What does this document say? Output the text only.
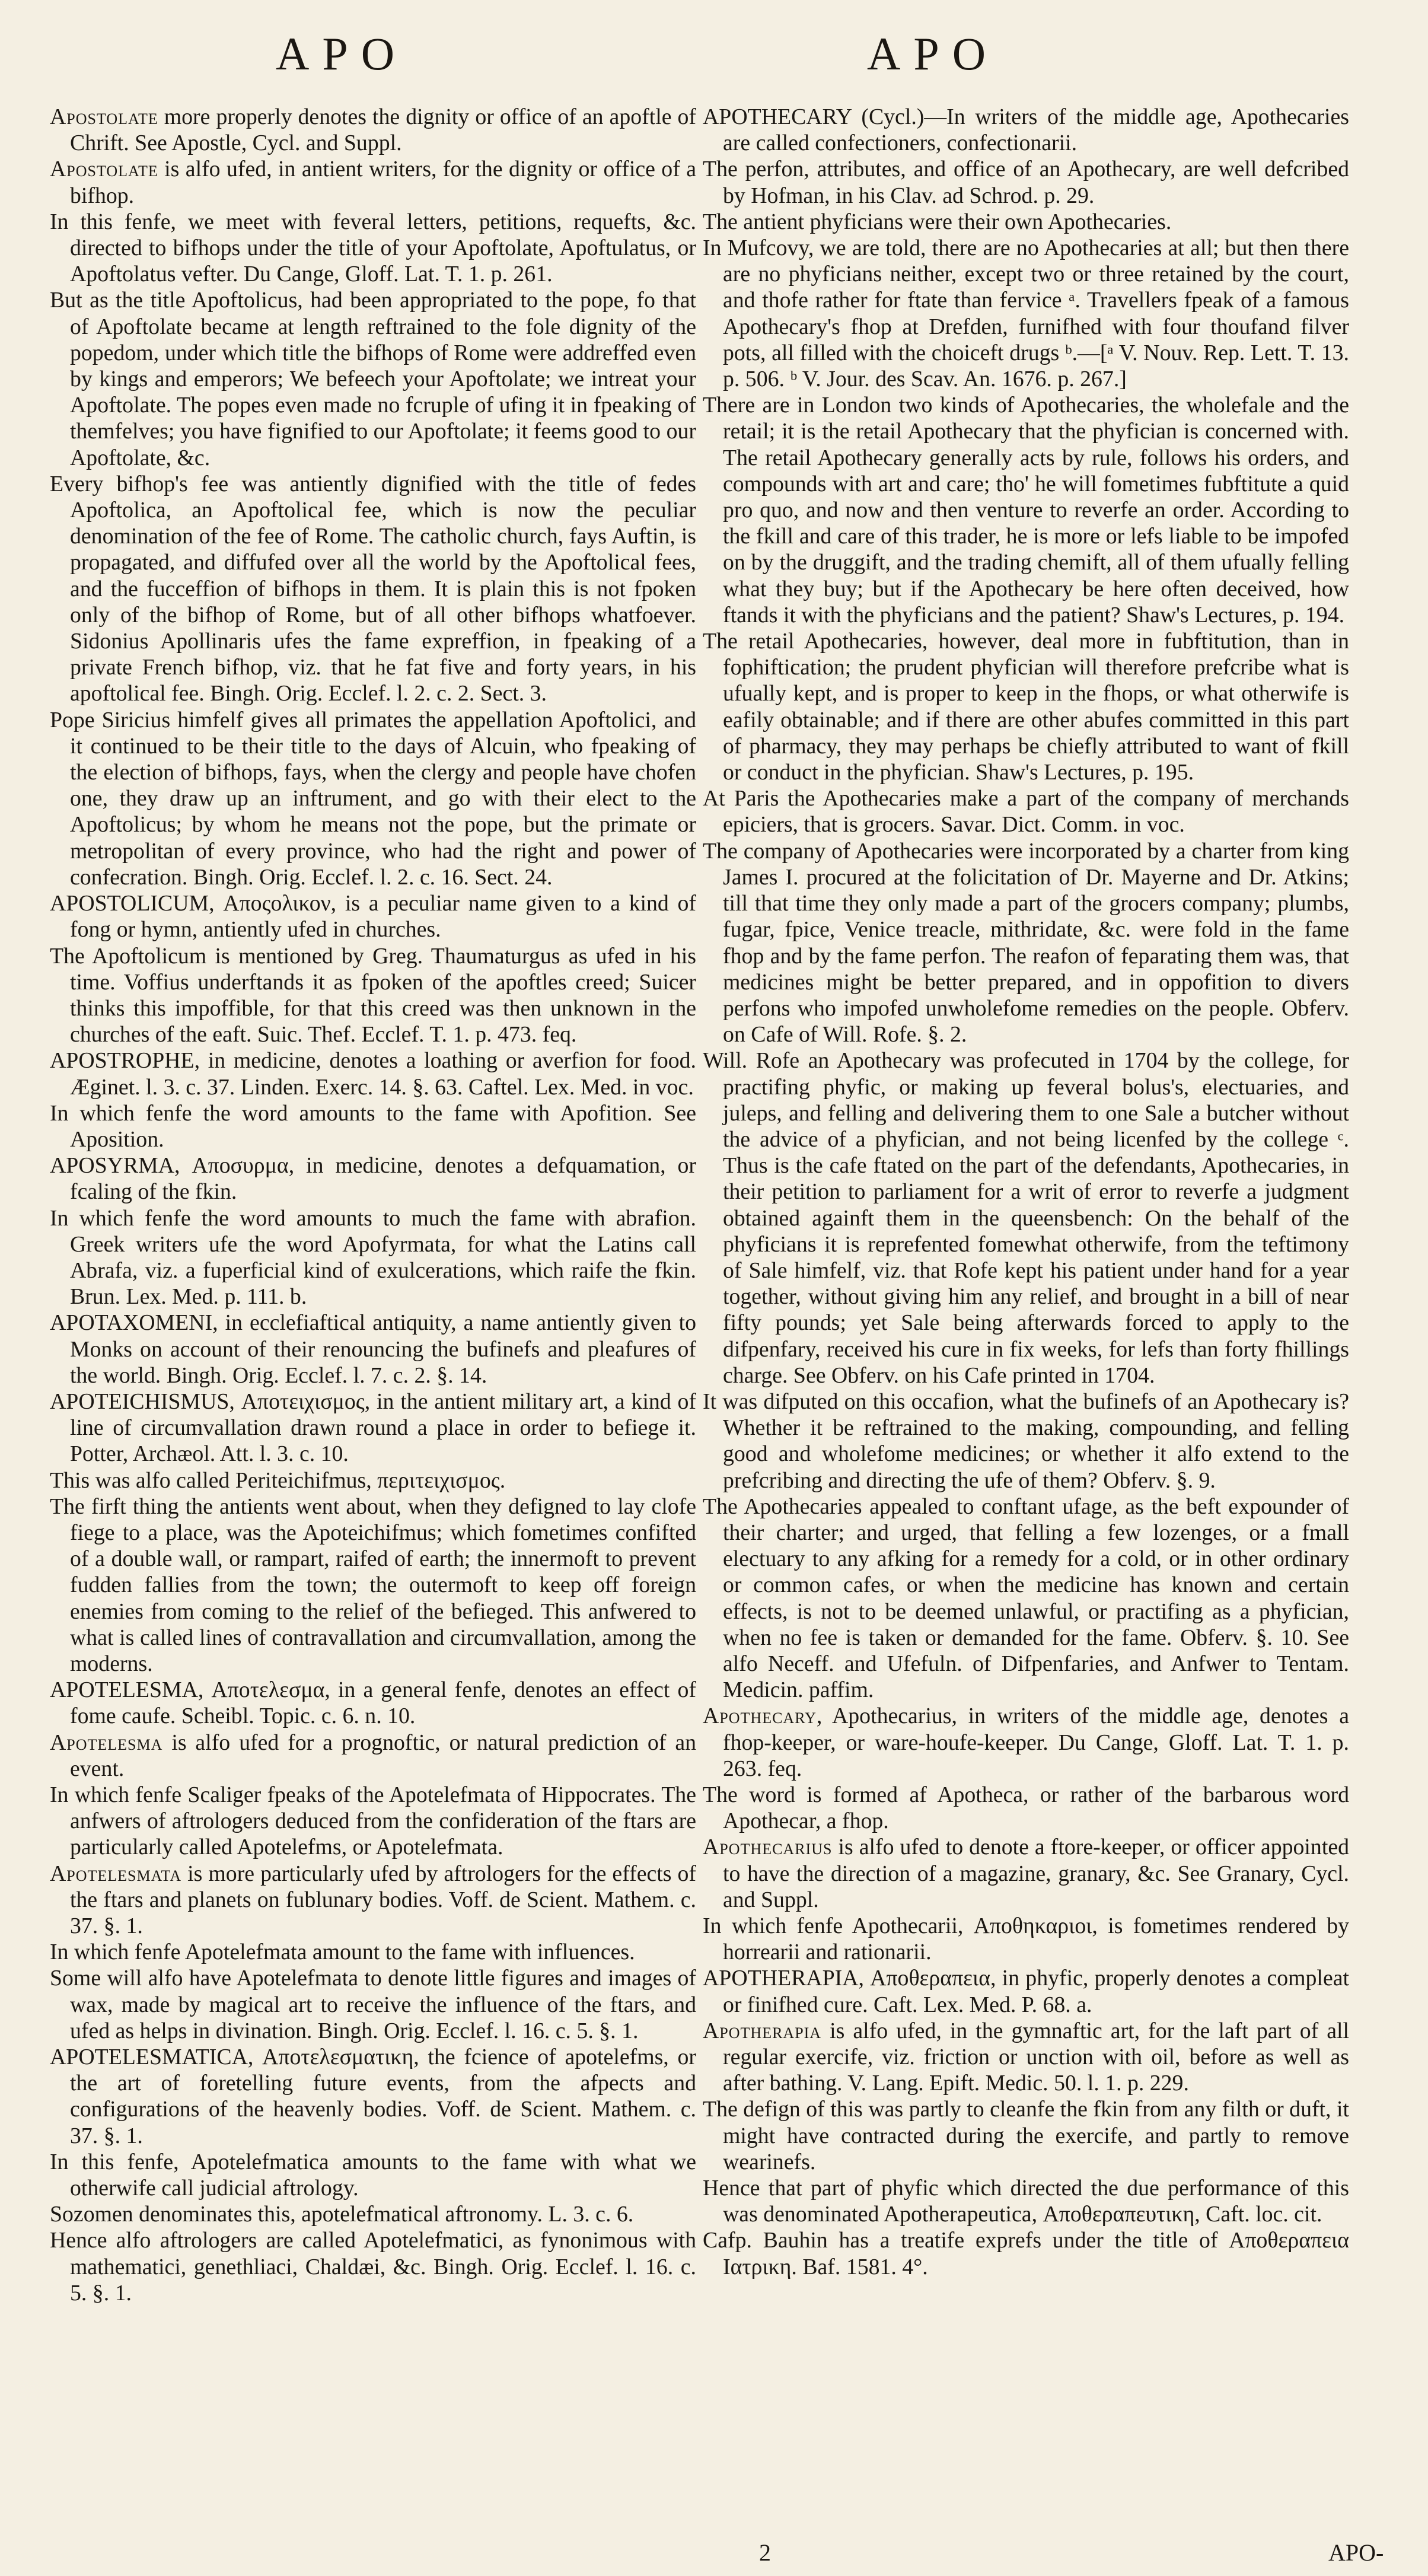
APO	APO

Apostolate more properly denotes the dignity or office of an apoftle of Chrift. See Apostle, Cycl. and Suppl.

Apostolate is alfo ufed, in antient writers, for the dignity or office of a bifhop.

In this fenfe, we meet with feveral letters, petitions, requefts, &c. directed to bifhops under the title of your Apoftolate, Apoftulatus, or Apoftolatus vefter. Du Cange, Gloff. Lat. T. 1. p. 261.

But as the title Apoftolicus, had been appropriated to the pope, fo that of Apoftolate became at length reftrained to the fole dignity of the popedom, under which title the bifhops of Rome were addreffed even by kings and emperors; We befeech your Apoftolate; we intreat your Apoftolate. The popes even made no fcruple of ufing it in fpeaking of themfelves; you have fignified to our Apoftolate; it feems good to our Apoftolate, &c.

Every bifhop's fee was antiently dignified with the title of fedes Apoftolica, an Apoftolical fee, which is now the peculiar denomination of the fee of Rome. The catholic church, fays Auftin, is propagated, and diffufed over all the world by the Apoftolical fees, and the fucceffion of bifhops in them. It is plain this is not fpoken only of the bifhop of Rome, but of all other bifhops whatfoever. Sidonius Apollinaris ufes the fame expreffion, in fpeaking of a private French bifhop, viz. that he fat five and forty years, in his apoftolical fee. Bingh. Orig. Ecclef. l. 2. c. 2. Sect. 3.

Pope Siricius himfelf gives all primates the appellation Apoftolici, and it continued to be their title to the days of Alcuin, who fpeaking of the election of bifhops, fays, when the clergy and people have chofen one, they draw up an inftrument, and go with their elect to the Apoftolicus; by whom he means not the pope, but the primate or metropolitan of every province, who had the right and power of confecration. Bingh. Orig. Ecclef. l. 2. c. 16. Sect. 24.

APOSTOLICUM, Αποςολικον, is a peculiar name given to a kind of fong or hymn, antiently ufed in churches.

The Apoftolicum is mentioned by Greg. Thaumaturgus as ufed in his time. Voffius underftands it as fpoken of the apoftles creed; Suicer thinks this impoffible, for that this creed was then unknown in the churches of the eaft. Suic. Thef. Ecclef. T. 1. p. 473. feq.

APOSTROPHE, in medicine, denotes a loathing or averfion for food. Æginet. l. 3. c. 37. Linden. Exerc. 14. §. 63. Caftel. Lex. Med. in voc.

In which fenfe the word amounts to the fame with Apofition. See Aposition.

APOSYRMA, Αποσυρμα, in medicine, denotes a defquamation, or fcaling of the fkin.

In which fenfe the word amounts to much the fame with abrafion. Greek writers ufe the word Apofyrmata, for what the Latins call Abrafa, viz. a fuperficial kind of exulcerations, which raife the fkin. Brun. Lex. Med. p. 111. b.

APOTAXOMENI, in ecclefiaftical antiquity, a name antiently given to Monks on account of their renouncing the bufinefs and pleafures of the world. Bingh. Orig. Ecclef. l. 7. c. 2. §. 14.

APOTEICHISMUS, Αποτειχισμος, in the antient military art, a kind of line of circumvallation drawn round a place in order to befiege it. Potter, Archæol. Att. l. 3. c. 10.

This was alfo called Periteichifmus, περιτειχισμος.

The firft thing the antients went about, when they defigned to lay clofe fiege to a place, was the Apoteichifmus; which fometimes confifted of a double wall, or rampart, raifed of earth; the innermoft to prevent fudden fallies from the town; the outermoft to keep off foreign enemies from coming to the relief of the befieged. This anfwered to what is called lines of contravallation and circumvallation, among the moderns.

APOTELESMA, Αποτελεσμα, in a general fenfe, denotes an effect of fome caufe. Scheibl. Topic. c. 6. n. 10.

Apotelesma is alfo ufed for a prognoftic, or natural prediction of an event.

In which fenfe Scaliger fpeaks of the Apotelefmata of Hippocrates. The anfwers of aftrologers deduced from the confideration of the ftars are particularly called Apotelefms, or Apotelefmata.

Apotelesmata is more particularly ufed by aftrologers for the effects of the ftars and planets on fublunary bodies. Voff. de Scient. Mathem. c. 37. §. 1.

In which fenfe Apotelefmata amount to the fame with influences.

Some will alfo have Apotelefmata to denote little figures and images of wax, made by magical art to receive the influence of the ftars, and ufed as helps in divination. Bingh. Orig. Ecclef. l. 16. c. 5. §. 1.

APOTELESMATICA, Αποτελεσματικη, the fcience of apotelefms, or the art of foretelling future events, from the afpects and configurations of the heavenly bodies. Voff. de Scient. Mathem. c. 37. §. 1.

In this fenfe, Apotelefmatica amounts to the fame with what we otherwife call judicial aftrology.

Sozomen denominates this, apotelefmatical aftronomy. L. 3. c. 6.

Hence alfo aftrologers are called Apotelefmatici, as fynonimous with mathematici, genethliaci, Chaldæi, &c. Bingh. Orig. Ecclef. l. 16. c. 5. §. 1.

APOTHECARY (Cycl.)—In writers of the middle age, Apothecaries are called confectioners, confectionarii.

The perfon, attributes, and office of an Apothecary, are well defcribed by Hofman, in his Clav. ad Schrod. p. 29.

The antient phyficians were their own Apothecaries.

In Mufcovy, we are told, there are no Apothecaries at all; but then there are no phyficians neither, except two or three retained by the court, and thofe rather for ftate than fervice ᵃ. Travellers fpeak of a famous Apothecary's fhop at Drefden, furnifhed with four thoufand filver pots, all filled with the choiceft drugs ᵇ.—[ᵃ V. Nouv. Rep. Lett. T. 13. p. 506. ᵇ V. Jour. des Scav. An. 1676. p. 267.]

There are in London two kinds of Apothecaries, the wholefale and the retail; it is the retail Apothecary that the phyfician is concerned with. The retail Apothecary generally acts by rule, follows his orders, and compounds with art and care; tho' he will fometimes fubftitute a quid pro quo, and now and then venture to reverfe an order. According to the fkill and care of this trader, he is more or lefs liable to be impofed on by the druggift, and the trading chemift, all of them ufually felling what they buy; but if the Apothecary be here often deceived, how ftands it with the phyficians and the patient? Shaw's Lectures, p. 194.

The retail Apothecaries, however, deal more in fubftitution, than in fophiftication; the prudent phyfician will therefore prefcribe what is ufually kept, and is proper to keep in the fhops, or what otherwife is eafily obtainable; and if there are other abufes committed in this part of pharmacy, they may perhaps be chiefly attributed to want of fkill or conduct in the phyfician. Shaw's Lectures, p. 195.

At Paris the Apothecaries make a part of the company of merchands epiciers, that is grocers. Savar. Dict. Comm. in voc.

The company of Apothecaries were incorporated by a charter from king James I. procured at the folicitation of Dr. Mayerne and Dr. Atkins; till that time they only made a part of the grocers company; plumbs, fugar, fpice, Venice treacle, mithridate, &c. were fold in the fame fhop and by the fame perfon. The reafon of feparating them was, that medicines might be better prepared, and in oppofition to divers perfons who impofed unwholefome remedies on the people. Obferv. on Cafe of Will. Rofe. §. 2.

Will. Rofe an Apothecary was profecuted in 1704 by the college, for practifing phyfic, or making up feveral bolus's, electuaries, and juleps, and felling and delivering them to one Sale a butcher without the advice of a phyfician, and not being licenfed by the college ᶜ. Thus is the cafe ftated on the part of the defendants, Apothecaries, in their petition to parliament for a writ of error to reverfe a judgment obtained againft them in the queensbench: On the behalf of the phyficians it is reprefented fomewhat otherwife, from the teftimony of Sale himfelf, viz. that Rofe kept his patient under hand for a year together, without giving him any relief, and brought in a bill of near fifty pounds; yet Sale being afterwards forced to apply to the difpenfary, received his cure in fix weeks, for lefs than forty fhillings charge. See Obferv. on his Cafe printed in 1704.

It was difputed on this occafion, what the bufinefs of an Apothecary is? Whether it be reftrained to the making, compounding, and felling good and wholefome medicines; or whether it alfo extend to the prefcribing and directing the ufe of them? Obferv. §. 9.

The Apothecaries appealed to conftant ufage, as the beft expounder of their charter; and urged, that felling a few lozenges, or a fmall electuary to any afking for a remedy for a cold, or in other ordinary or common cafes, or when the medicine has known and certain effects, is not to be deemed unlawful, or practifing as a phyfician, when no fee is taken or demanded for the fame. Obferv. §. 10. See alfo Neceff. and Ufefuln. of Difpenfaries, and Anfwer to Tentam. Medicin. paffim.

Apothecary, Apothecarius, in writers of the middle age, denotes a fhop-keeper, or ware-houfe-keeper. Du Cange, Gloff. Lat. T. 1. p. 263. feq.

The word is formed af Apotheca, or rather of the barbarous word Apothecar, a fhop.

Apothecarius is alfo ufed to denote a ftore-keeper, or officer appointed to have the direction of a magazine, granary, &c. See Granary, Cycl. and Suppl.

In which fenfe Apothecarii, Αποθηκαριοι, is fometimes rendered by horrearii and rationarii.

APOTHERAPIA, Αποθεραπεια, in phyfic, properly denotes a compleat or finifhed cure. Caft. Lex. Med. P. 68. a.

Apotherapia is alfo ufed, in the gymnaftic art, for the laft part of all regular exercife, viz. friction or unction with oil, before as well as after bathing. V. Lang. Epift. Medic. 50. l. 1. p. 229.

The defign of this was partly to cleanfe the fkin from any filth or duft, it might have contracted during the exercife, and partly to remove wearinefs.

Hence that part of phyfic which directed the due performance of this was denominated Apotherapeutica, Αποθεραπευτικη, Caft. loc. cit.

Cafp. Bauhin has a treatife exprefs under the title of Αποθεραπεια Ιατρικη. Baf. 1581. 4°.

2	APO-
